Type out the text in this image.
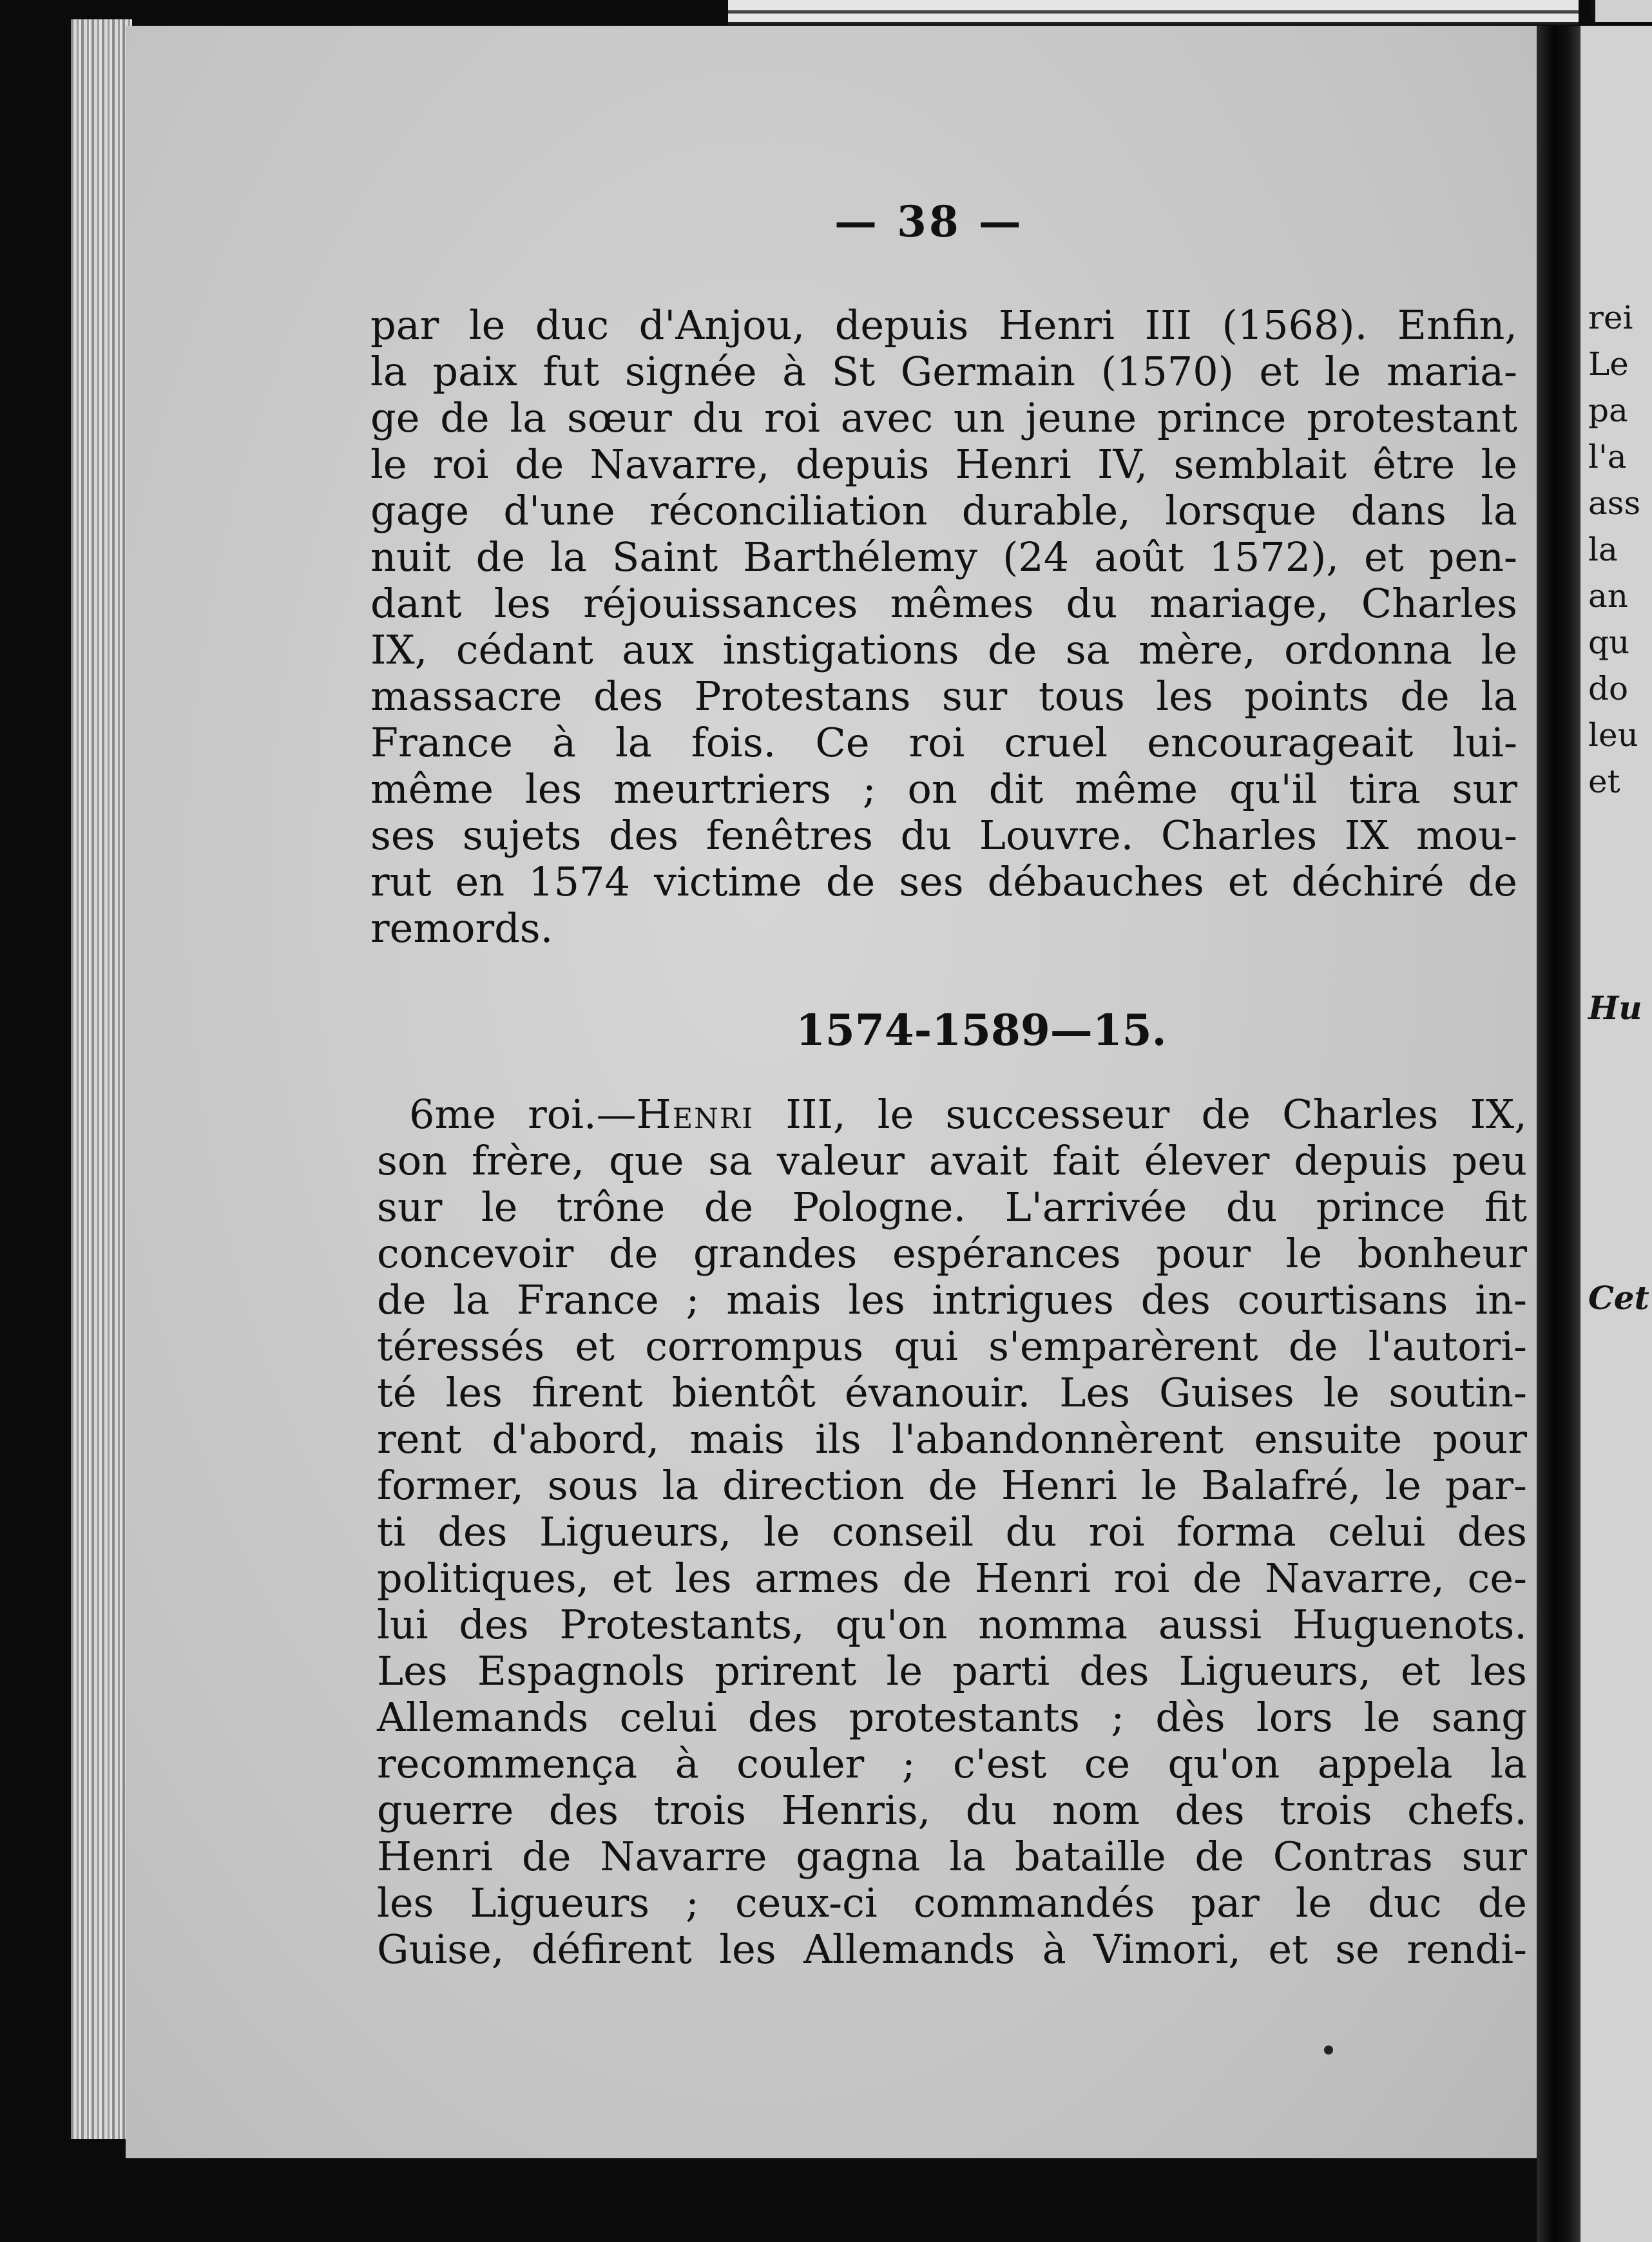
— 38 —
par le duc d'Anjou, depuis Henri III (1568). Enfin,
la paix fut signée à St Germain (1570) et le maria-
ge de la sœur du roi avec un jeune prince protestant
le roi de Navarre, depuis Henri IV, semblait être le
gage d'une réconciliation durable, lorsque dans la
nuit de la Saint Barthélemy (24 août 1572), et pen-
dant les réjouissances mêmes du mariage, Charles
IX, cédant aux instigations de sa mère, ordonna le
massacre des Protestans sur tous les points de la
France à la fois. Ce roi cruel encourageait lui-
même les meurtriers ; on dit même qu'il tira sur
ses sujets des fenêtres du Louvre. Charles IX mou-
rut en 1574 victime de ses débauches et déchiré de
remords.
1574-1589—15.
6me roi.—Henri III, le successeur de Charles IX,
son frère, que sa valeur avait fait élever depuis peu
sur le trône de Pologne. L'arrivée du prince fit
concevoir de grandes espérances pour le bonheur
de la France ; mais les intrigues des courtisans in-
téressés et corrompus qui s'emparèrent de l'autori-
té les firent bientôt évanouir. Les Guises le soutin-
rent d'abord, mais ils l'abandonnèrent ensuite pour
former, sous la direction de Henri le Balafré, le par-
ti des Ligueurs, le conseil du roi forma celui des
politiques, et les armes de Henri roi de Navarre, ce-
lui des Protestants, qu'on nomma aussi Huguenots.
Les Espagnols prirent le parti des Ligueurs, et les
Allemands celui des protestants ; dès lors le sang
recommença à couler ; c'est ce qu'on appela la
guerre des trois Henris, du nom des trois chefs.
Henri de Navarre gagna la bataille de Contras sur
les Ligueurs ; ceux-ci commandés par le duc de
Guise, défirent les Allemands à Vimori, et se rendi-
rei
Le
pa
l'a
ass
la
an
qu
do
leu
et
Hu
Cet
